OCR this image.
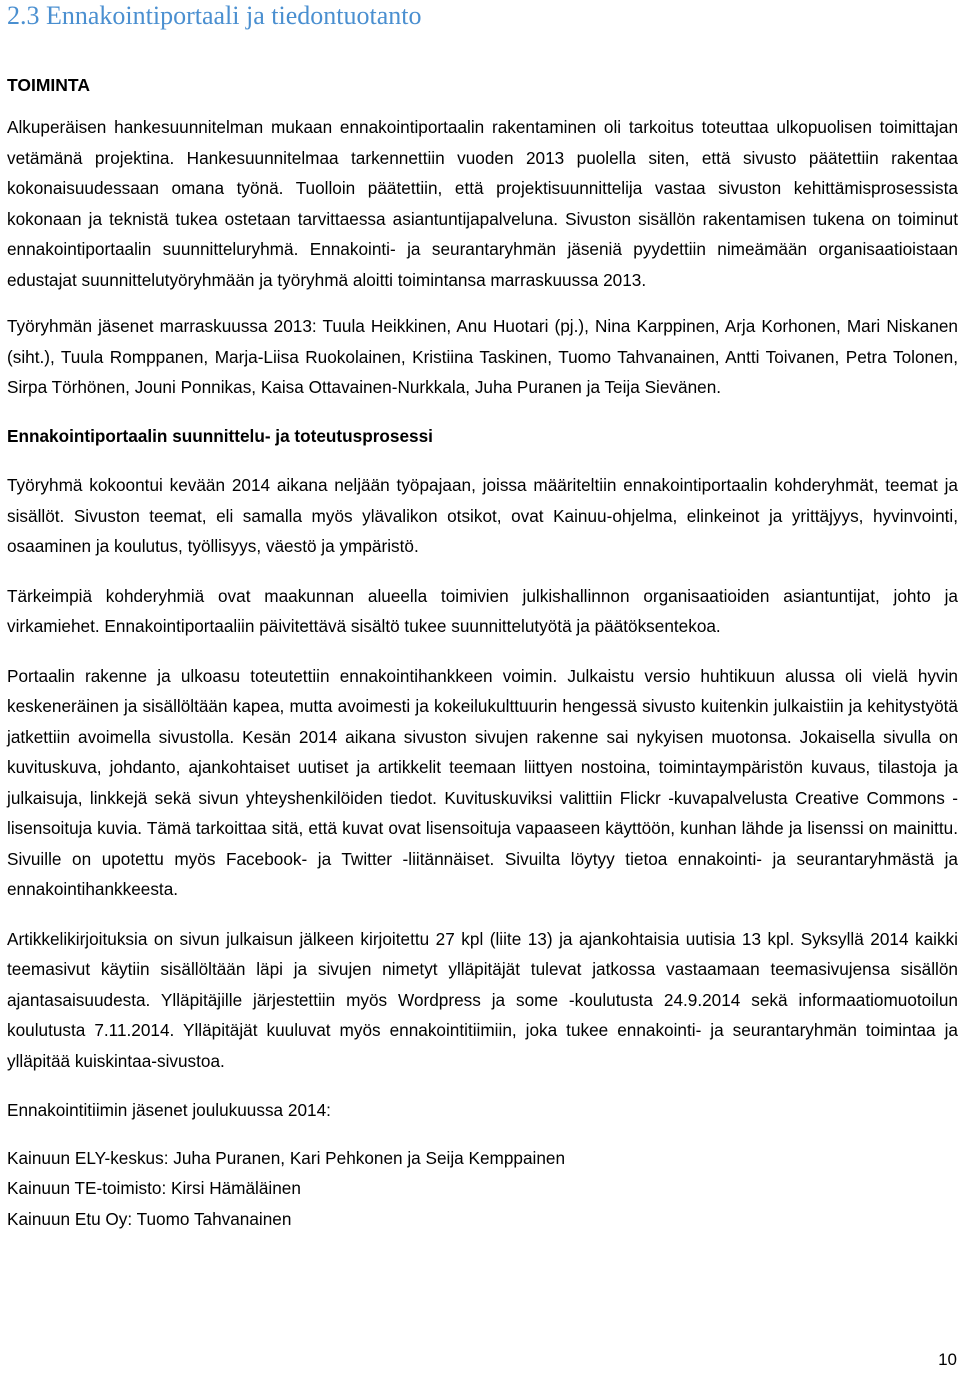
2.3 Ennakointiportaali ja tiedontuotanto
TOIMINTA

Alkuperäisen hankesuunnitelman mukaan ennakointiportaalin rakentaminen oli tarkoitus toteuttaa ulkopuolisen toimittajan vetämänä projektina. Hankesuunnitelmaa tarkennettiin vuoden 2013 puolella siten, että sivusto päätettiin rakentaa kokonaisuudessaan omana työnä. Tuolloin päätettiin, että projektisuunnittelija vastaa sivuston kehittämisprosessista kokonaan ja teknistä tukea ostetaan tarvittaessa asiantuntijapalveluna. Sivuston sisällön rakentamisen tukena on toiminut ennakointiportaalin suunnitteluryhmä. Ennakointi- ja seurantaryhmän jäseniä pyydettiin nimeämään organisaatioistaan edustajat suunnittelutyöryhmään ja työryhmä aloitti toimintansa marraskuussa 2013.

Työryhmän jäsenet marraskuussa 2013: Tuula Heikkinen, Anu Huotari (pj.), Nina Karppinen, Arja Korhonen, Mari Niskanen (siht.), Tuula Romppanen, Marja-Liisa Ruokolainen, Kristiina Taskinen, Tuomo Tahvanainen, Antti Toivanen, Petra Tolonen, Sirpa Törhönen, Jouni Ponnikas, Kaisa Ottavainen-Nurkkala, Juha Puranen ja Teija Sievänen.

Ennakointiportaalin suunnittelu- ja toteutusprosessi

Työryhmä kokoontui kevään 2014 aikana neljään työpajaan, joissa määriteltiin ennakointiportaalin kohderyhmät, teemat ja sisällöt. Sivuston teemat, eli samalla myös ylävalikon otsikot, ovat Kainuu-ohjelma, elinkeinot ja yrittäjyys, hyvinvointi, osaaminen ja koulutus, työllisyys, väestö ja ympäristö.

Tärkeimpiä kohderyhmiä ovat maakunnan alueella toimivien julkishallinnon organisaatioiden asiantuntijat, johto ja virkamiehet. Ennakointiportaaliin päivitettävä sisältö tukee suunnittelutyötä ja päätöksentekoa.

Portaalin rakenne ja ulkoasu toteutettiin ennakointihankkeen voimin. Julkaistu versio huhtikuun alussa oli vielä hyvin keskeneräinen ja sisällöltään kapea, mutta avoimesti ja kokeilukulttuurin hengessä sivusto kuitenkin julkaistiin ja kehitystyötä jatkettiin avoimella sivustolla. Kesän 2014 aikana sivuston sivujen rakenne sai nykyisen muotonsa. Jokaisella sivulla on kuvituskuva, johdanto, ajankohtaiset uutiset ja artikkelit teemaan liittyen nostoina, toimintaympäristön kuvaus, tilastoja ja julkaisuja, linkkejä sekä sivun yhteyshenkilöiden tiedot. Kuvituskuviksi valittiin Flickr -kuvapalvelusta Creative Commons -lisensoituja kuvia. Tämä tarkoittaa sitä, että kuvat ovat lisensoituja vapaaseen käyttöön, kunhan lähde ja lisenssi on mainittu. Sivuille on upotettu myös Facebook- ja Twitter -liitännäiset. Sivuilta löytyy tietoa ennakointi- ja seurantaryhmästä ja ennakointihankkeesta.

Artikkelikirjoituksia on sivun julkaisun jälkeen kirjoitettu 27 kpl (liite 13) ja ajankohtaisia uutisia 13 kpl. Syksyllä 2014 kaikki teemasivut käytiin sisällöltään läpi ja sivujen nimetyt ylläpitäjät tulevat jatkossa vastaamaan teemasivujensa sisällön ajantasaisuudesta. Ylläpitäjille järjestettiin myös Wordpress ja some -koulutusta 24.9.2014 sekä informaatiomuotoilun koulutusta 7.11.2014. Ylläpitäjät kuuluvat myös ennakointitiimiin, joka tukee ennakointi- ja seurantaryhmän toimintaa ja ylläpitää kuiskintaa-sivustoa.

Ennakointitiimin jäsenet joulukuussa 2014:

Kainuun ELY-keskus: Juha Puranen, Kari Pehkonen ja Seija Kemppainen
Kainuun TE-toimisto: Kirsi Hämäläinen
Kainuun Etu Oy: Tuomo Tahvanainen
10
